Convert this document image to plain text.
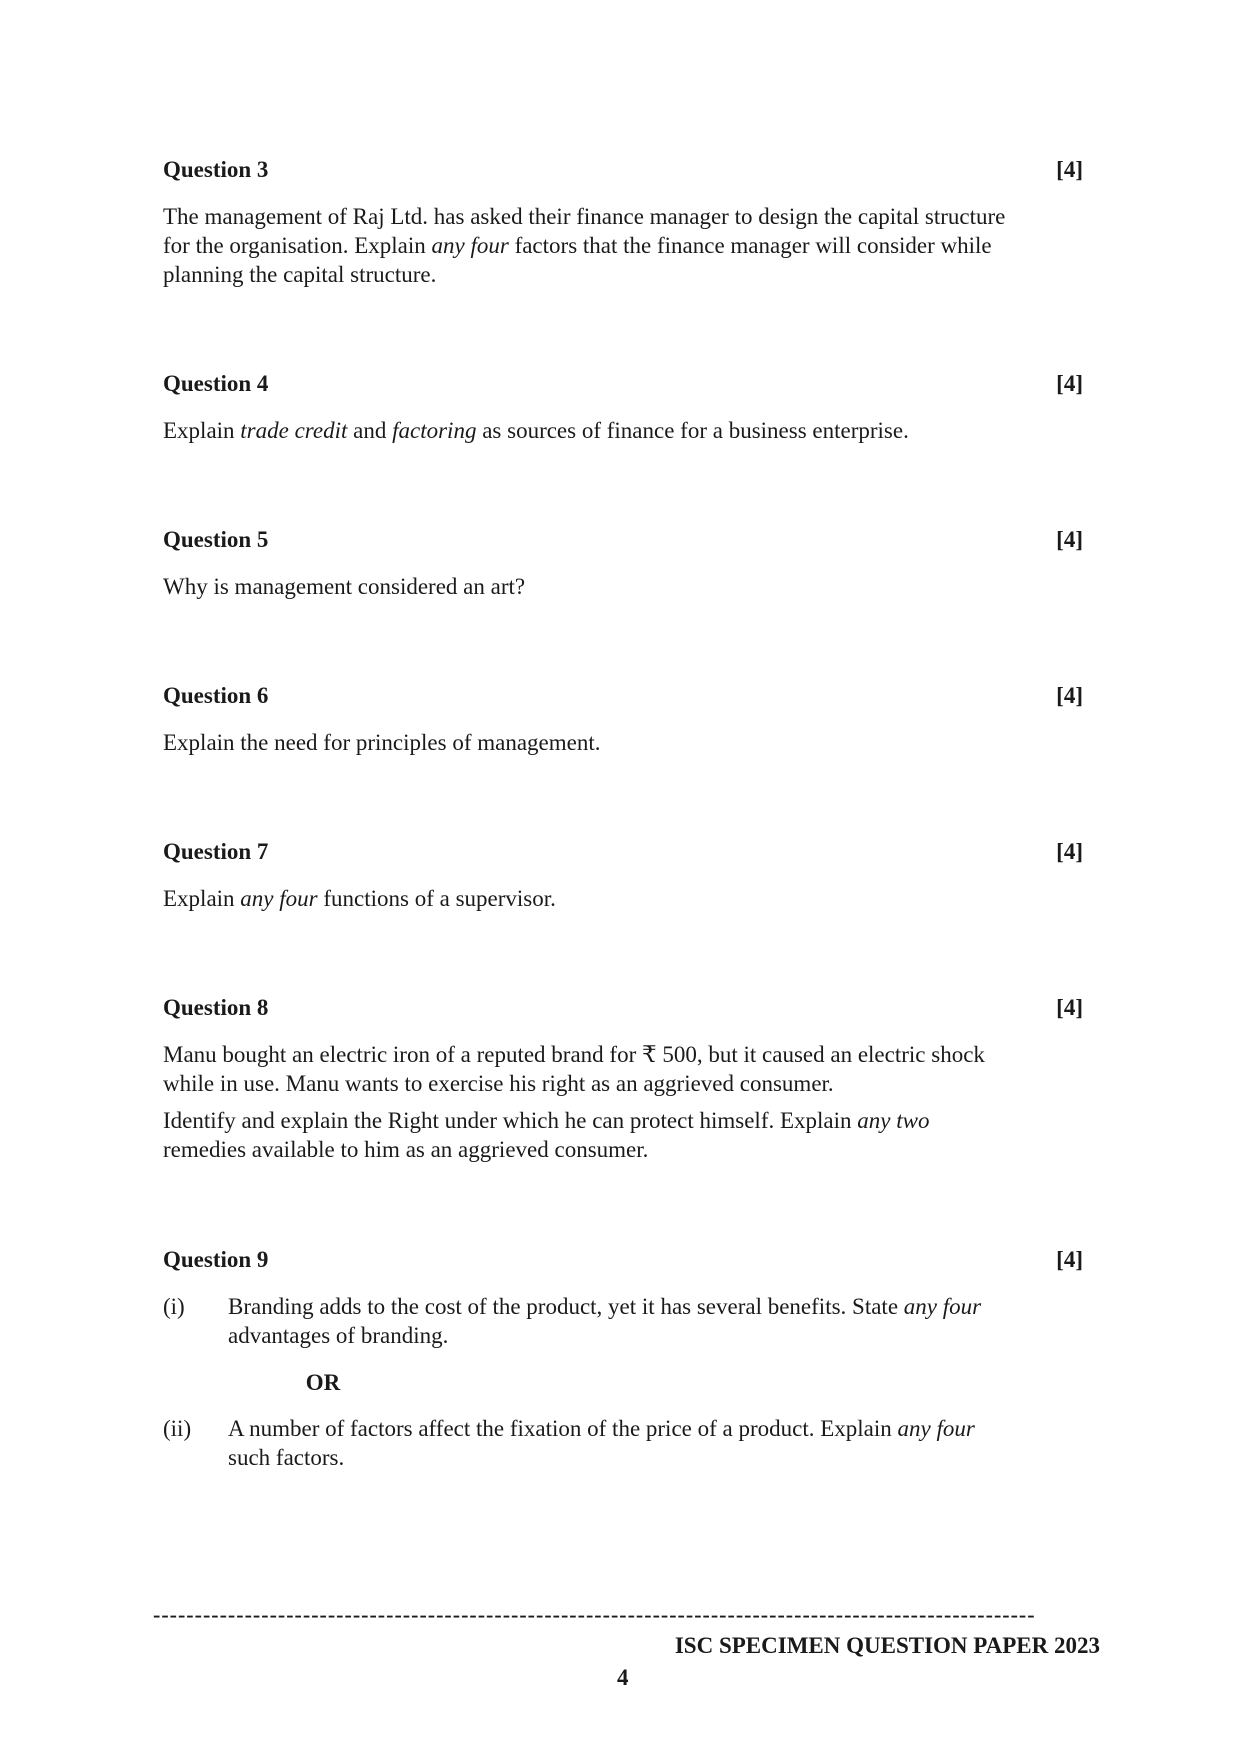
Question 3	[4]

The management of Raj Ltd. has asked their finance manager to design the capital structure for the organisation. Explain any four factors that the finance manager will consider while planning the capital structure.

Question 4	[4]

Explain trade credit and factoring as sources of finance for a business enterprise.

Question 5	[4]

Why is management considered an art?

Question 6	[4]

Explain the need for principles of management.

Question 7	[4]

Explain any four functions of a supervisor.

Question 8	[4]

Manu bought an electric iron of a reputed brand for ₹ 500, but it caused an electric shock while in use. Manu wants to exercise his right as an aggrieved consumer.

Identify and explain the Right under which he can protect himself. Explain any two remedies available to him as an aggrieved consumer.

Question 9	[4]
(i)	Branding adds to the cost of the product, yet it has several benefits. State any four advantages of branding.
OR
(ii)	A number of factors affect the fixation of the price of a product. Explain any four such factors.
----------------------------------------------------------------------------------------------------------
ISC SPECIMEN QUESTION PAPER 2023
4
